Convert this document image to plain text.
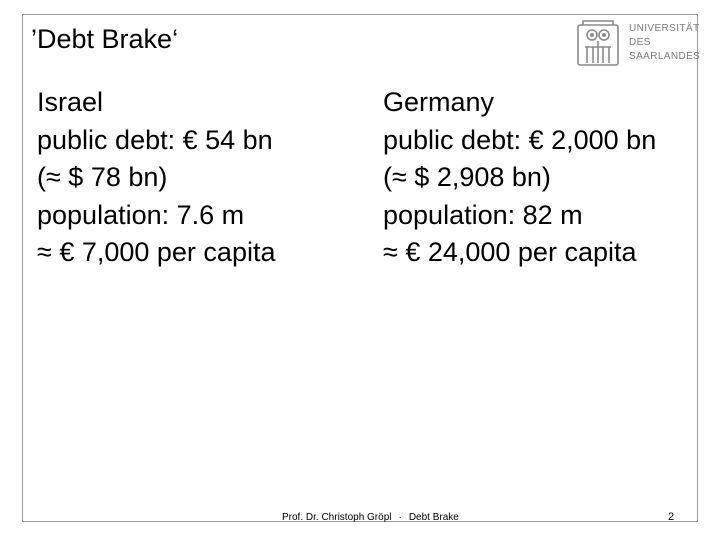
’Debt Brake‘	UNIVERSITÄT
DES
SAARLANDES
Israel
public debt: € 54 bn
(≈ $ 78 bn)
population: 7.6 m
≈ € 7,000 per capita
Germany
public debt: € 2,000 bn
(≈ $ 2,908 bn)
population: 82 m
≈ € 24,000 per capita
Prof. Dr. Christoph Gröpl · Debt Brake	2
